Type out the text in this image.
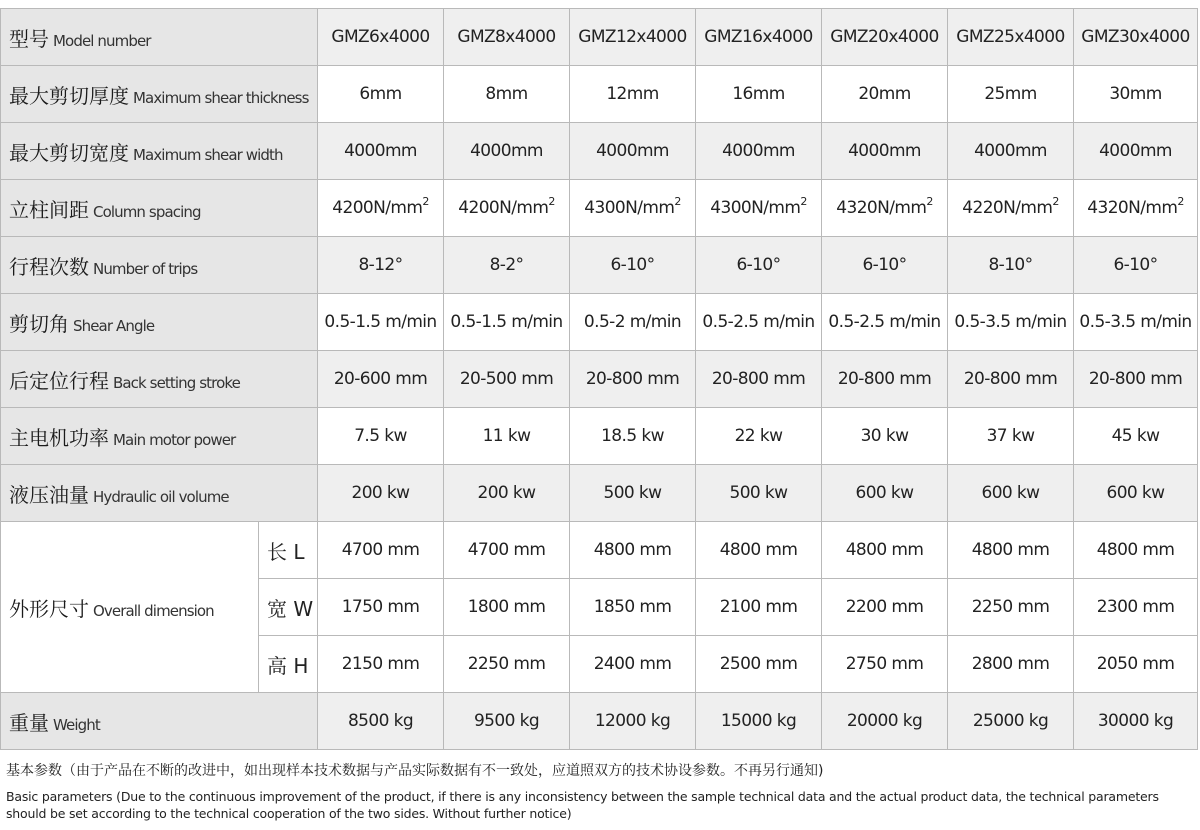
型号 Model number		GMZ6x4000	GMZ8x4000	GMZ12x4000	GMZ16x4000	GMZ20x4000	GMZ25x4000	GMZ30x4000
最大剪切厚度 Maximum shear thickness		6mm	8mm	12mm	16mm	20mm	25mm	30mm
最大剪切宽度 Maximum shear width		4000mm	4000mm	4000mm	4000mm	4000mm	4000mm	4000mm
立柱间距 Column spacing		$4200N/mm^2$	$4200N/mm^2$	$4300N/mm^2$	$4300N/mm^2$	$4320N/mm^2$	$4220N/mm^2$	$4320N/mm^2$
行程次数 Number of trips		8-12°	8-2°	6-10°	6-10°	6-10°	8-10°	6-10°
剪切角 Shear Angle		0.5-1.5 m/min	0.5-1.5 m/min	0.5-2 m/min	0.5-2.5 m/min	0.5-2.5 m/min	0.5-3.5 m/min	0.5-3.5 m/min
后定位行程 Back setting stroke		20-600 mm	20-500 mm	20-800 mm	20-800 mm	20-800 mm	20-800 mm	20-800 mm
主电机功率 Main motor power		7.5 kw	11 kw	18.5 kw	22 kw	30 kw	37 kw	45 kw
液压油量 Hydraulic oil volume		200 kw	200 kw	500 kw	500 kw	600 kw	600 kw	600 kw
外形尺寸 Overall dimension	长 L	4700 mm	4700 mm	4800 mm	4800 mm	4800 mm	4800 mm	4800 mm
	宽 W	1750 mm	1800 mm	1850 mm	2100 mm	2200 mm	2250 mm	2300 mm
	高 H	2150 mm	2250 mm	2400 mm	2500 mm	2750 mm	2800 mm	2050 mm
重量 Weight		8500 kg	9500 kg	12000 kg	15000 kg	20000 kg	25000 kg	30000 kg
基本参数（由于产品在不断的改进中，如出现样本技术数据与产品实际数据有不一致处，应道照双方的技术协设参数。不再另行通知)
Basic parameters (Due to the continuous improvement of the product, if there is any inconsistency between the sample technical data and the actual product data, the technical parameters should be set according to the technical cooperation of the two sides. Without further notice)
